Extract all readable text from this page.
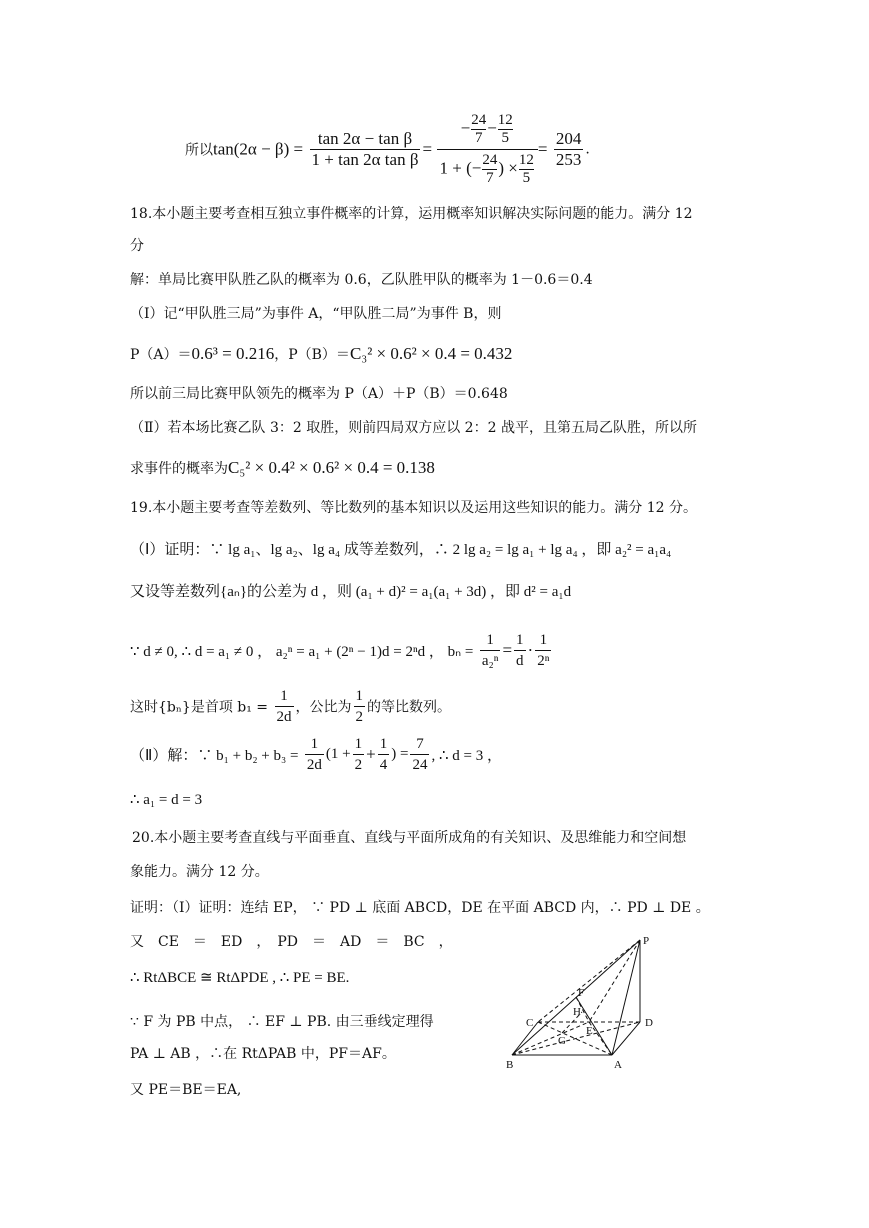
所以$\tan(2\alpha - \beta) = \frac{\text{tan 2α − tan β}}{\text{1 + tan 2α tan β}} = \frac{- \frac{24}{7} - \frac{12}{5}}{1 + (- \frac{24}{7} ) \times \frac{12}{5}} = \frac{204}{253}$ .
18.本小题主要考查相互独立事件概率的计算，运用概率知识解决实际问题的能力。满分 12
分
解：单局比赛甲队胜乙队的概率为 0.6，乙队胜甲队的概率为 1－0.6＝0.4
（Ⅰ）记“甲队胜三局”为事件 A，“甲队胜二局”为事件 B，则
P（A）＝0.6³ = 0.216，P（B）＝C₃² × 0.6² × 0.4 = 0.432
所以前三局比赛甲队领先的概率为 P（A）＋P（B）＝0.648
（Ⅱ）若本场比赛乙队 3：2 取胜，则前四局双方应以 2：2 战平，且第五局乙队胜，所以所
求事件的概率为C₅² × 0.4² × 0.6² × 0.4 = 0.138
19.本小题主要考查等差数列、等比数列的基本知识以及运用这些知识的能力。满分 12 分。
（Ⅰ）证明：∵ lg a₁、lg a₂、lg a₄ 成等差数列，∴ 2 lg a₂ = lg a₁ + lg a₄ ，即 a₂² = a₁a₄
又设等差数列{aₙ}的公差为 d ，则 (a₁ + d)² = a₁(a₁ + 3d) ，即 d² = a₁d
∵ d ≠ 0, ∴ d = a₁ ≠ 0 ， a₂ⁿ = a₁ + (2ⁿ − 1)d = 2ⁿd ， $b_n = \frac{1}{\text{a₂ⁿ}} = \frac{1}{d} \cdot \frac{1}{\text{2ⁿ}}$
这时{bₙ}是首项 $b_1 = \frac{1}{2d}$ ，公比为 $\frac{1}{2}$ 的等比数列。
（Ⅱ）解：∵ $b_1 + b_2 + b_3 = \frac{1}{2d} (1 + \frac{1}{2} + \frac{1}{4}$ ) = $\frac{7}{24}$ , ∴ d = 3 ，
∴ a₁ = d = 3
20.本小题主要考查直线与平面垂直、直线与平面所成角的有关知识、及思维能力和空间想
象能力。满分 12 分。
证明：（Ⅰ）证明：连结 EP， ∵ PD ⊥ 底面 ABCD，DE 在平面 ABCD 内，∴ PD ⊥ DE 。
又　CE　＝　ED　，　PD　＝　AD　＝　BC　，
∴ RtΔBCE ≅ RtΔPDE , ∴ PE = BE.
∵ F 为 PB 中点， ∴ EF ⊥ PB. 由三垂线定理得
PA ⊥ AB ，∴在 RtΔPAB 中，PF＝AF。
又 PE＝BE＝EA,
P
F
H
C	D
E
G
B	A
